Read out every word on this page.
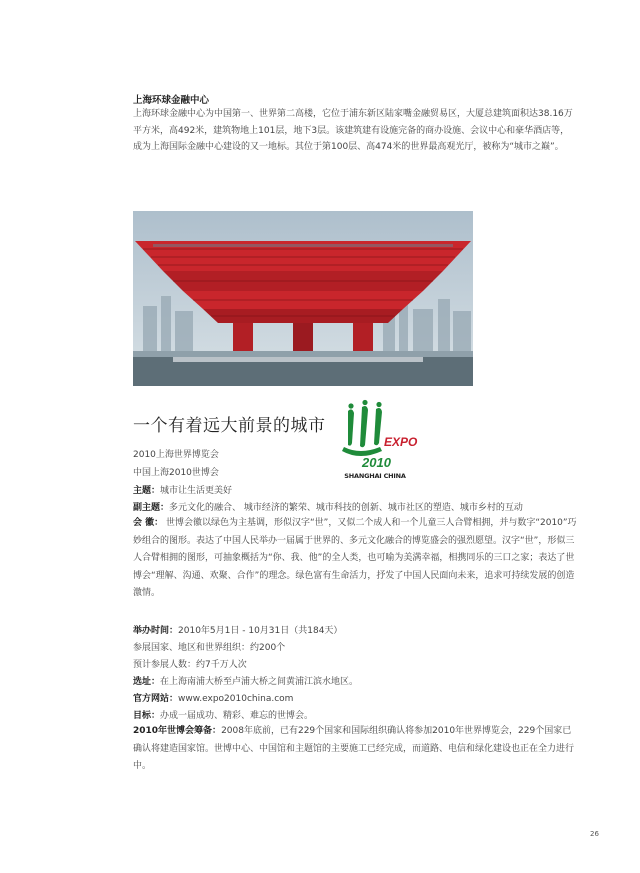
上海环球金融中心
上海环球金融中心为中国第一、世界第二高楼，它位于浦东新区陆家嘴金融贸易区，大厦总建筑面积达38.16万平方米，高492米，建筑物地上101层，地下3层。该建筑建有设施完备的商办设施、会议中心和豪华酒店等，成为上海国际金融中心建设的又一地标。其位于第100层、高474米的世界最高观光厅，被称为“城市之巅”。
一个有着远大前景的城市
EXPO
2010
SHANGHAI CHINA
2010上海世界博览会
中国上海2010世博会
主题：城市让生活更美好
副主题：多元文化的融合、 城市经济的繁荣、城市科技的创新、城市社区的塑造、城市乡村的互动
会 徽： 世博会徽以绿色为主基调，形似汉字“世”，又似二个成人和一个儿童三人合臂相拥，并与数字“2010”巧妙组合的图形。表达了中国人民举办一届属于世界的、多元文化融合的博览盛会的强烈愿望。汉字“世”，形似三人合臂相拥的图形，可抽象概括为“你、我、他”的全人类，也可喻为美满幸福，相携同乐的三口之家；表达了世博会“理解、沟通、欢聚、合作”的理念。绿色富有生命活力，抒发了中国人民面向未来，追求可持续发展的创造激情。
举办时间：2010年5月1日 - 10月31日（共184天）
参展国家、地区和世界组织：约200个
预计参展人数：约7千万人次
选址：在上海南浦大桥至卢浦大桥之间黄浦江滨水地区。
官方网站：www.expo2010china.com
目标：办成一届成功、精彩、难忘的世博会。
2010年世博会筹备：2008年底前，已有229个国家和国际组织确认将参加2010年世界博览会，229个国家已确认将建造国家馆。世博中心、中国馆和主题馆的主要施工已经完成，而道路、电信和绿化建设也正在全力进行中。
26
